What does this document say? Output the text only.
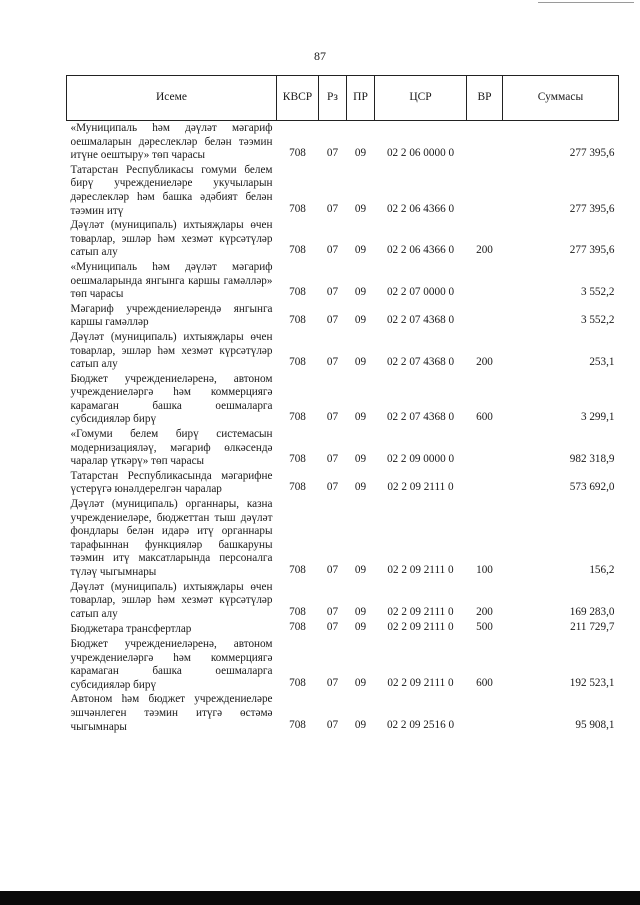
87
Исеме	КВСР	Рз	ПР	ЦСР	ВР	Суммасы
«Муниципаль һәм дәүләт мәгариф оешмаларын дәреслекләр белән тәэмин итүне оештыру» төп чарасы	708	07	09	02 2 06 0000 0		277 395,6
Татарстан Республикасы гомуми белем бирү учреждениеләре укучыларын дәреслекләр һәм башка әдәбият белән тәэмин итү	708	07	09	02 2 06 4366 0		277 395,6
Дәүләт (муниципаль) ихтыяҗлары өчен товарлар, эшләр һәм хезмәт күрсәтүләр сатып алу	708	07	09	02 2 06 4366 0	200	277 395,6
«Муниципаль һәм дәүләт мәгариф оешмаларында янгынга каршы гамәлләр» төп чарасы	708	07	09	02 2 07 0000 0		3 552,2
Мәгариф учреждениеләрендә янгынга каршы гамәлләр	708	07	09	02 2 07 4368 0		3 552,2
Дәүләт (муниципаль) ихтыяҗлары өчен товарлар, эшләр һәм хезмәт күрсәтүләр сатып алу	708	07	09	02 2 07 4368 0	200	253,1
Бюджет учреждениеләренә, автоном учреждениеләргә һәм коммерциягә карамаган башка оешмаларга субсидияләр бирү	708	07	09	02 2 07 4368 0	600	3 299,1
«Гомуми белем бирү системасын модернизацияләү, мәгариф өлкәсендә чаралар үткәрү» төп чарасы	708	07	09	02 2 09 0000 0		982 318,9
Татарстан Республикасында мәгарифне үстерүгә юнәлдерелгән чаралар	708	07	09	02 2 09 2111 0		573 692,0
Дәүләт (муниципаль) органнары, казна учреждениеләре, бюджеттан тыш дәүләт фондлары белән идарә итү органнары тарафыннан функцияләр башкаруны тәэмин итү максатларында персоналга түләү чыгымнары	708	07	09	02 2 09 2111 0	100	156,2
Дәүләт (муниципаль) ихтыяҗлары өчен товарлар, эшләр һәм хезмәт күрсәтүләр сатып алу	708	07	09	02 2 09 2111 0	200	169 283,0
Бюджетара трансфертлар	708	07	09	02 2 09 2111 0	500	211 729,7
Бюджет учреждениеләренә, автоном учреждениеләргә һәм коммерциягә карамаган башка оешмаларга субсидияләр бирү	708	07	09	02 2 09 2111 0	600	192 523,1
Автоном һәм бюджет учреждениеләре эшчәнлеген тәэмин итүгә өстәмә чыгымнары	708	07	09	02 2 09 2516 0		95 908,1
